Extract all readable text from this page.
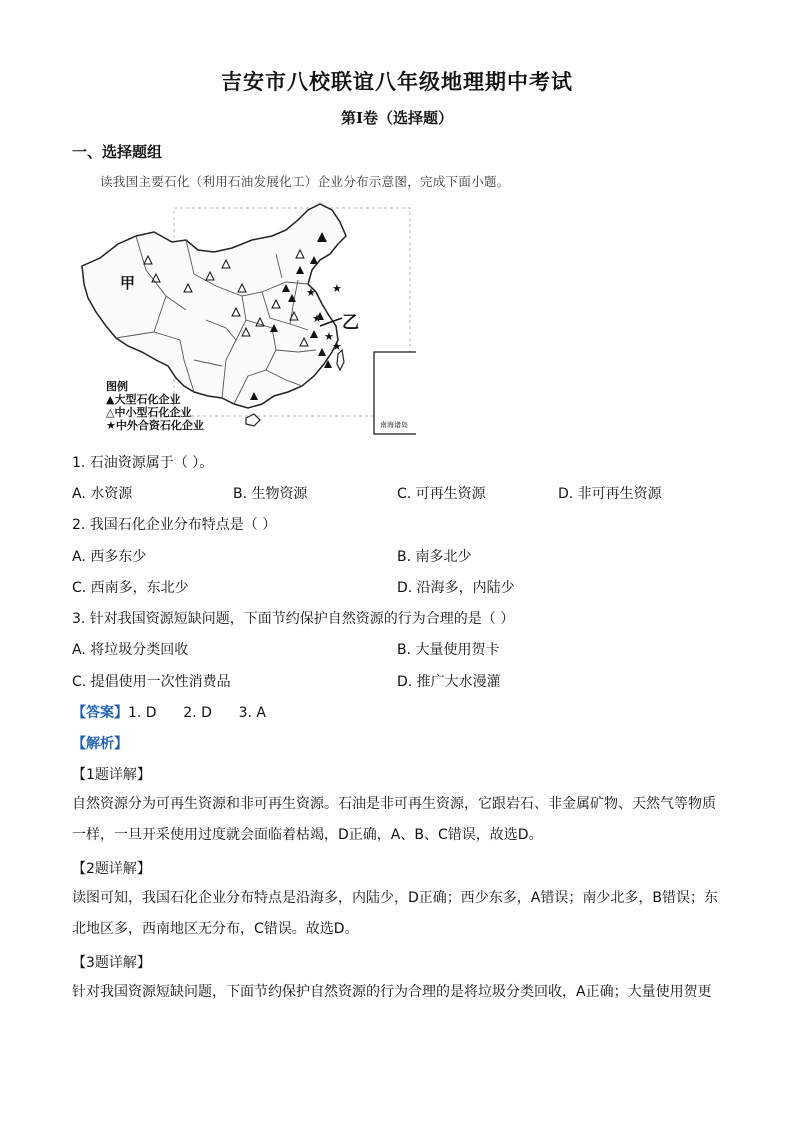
吉安市八校联谊八年级地理期中考试
第Ⅰ卷（选择题）
一、选择题组
读我国主要石化（利用石油发展化工）企业分布示意图，完成下面小题。
★
★
★
★
★
甲
乙
图例
▲大型石化企业
△中小型石化企业
★中外合资石化企业	南海诸岛
1. 石油资源属于（ ）。
A. 水资源	B. 生物资源	C. 可再生资源	D. 非可再生资源
2. 我国石化企业分布特点是（ ）
A. 西多东少	B. 南多北少
C. 西南多，东北少	D. 沿海多，内陆少
3. 针对我国资源短缺问题，下面节约保护自然资源的行为合理的是（ ）
A. 将垃圾分类回收	B. 大量使用贺卡
C. 提倡使用一次性消费品	D. 推广大水漫灌
【答案】1. D      2. D      3. A
【解析】
【1题详解】
自然资源分为可再生资源和非可再生资源。石油是非可再生资源，它跟岩石、非金属矿物、天然气等物质
一样，一旦开采使用过度就会面临着枯竭，D正确，A、B、C错误，故选D。
【2题详解】
读图可知，我国石化企业分布特点是沿海多，内陆少，D正确；西少东多，A错误；南少北多，B错误；东
北地区多，西南地区无分布，C错误。故选D。
【3题详解】
针对我国资源短缺问题，下面节约保护自然资源的行为合理的是将垃圾分类回收，A正确；大量使用贺更
